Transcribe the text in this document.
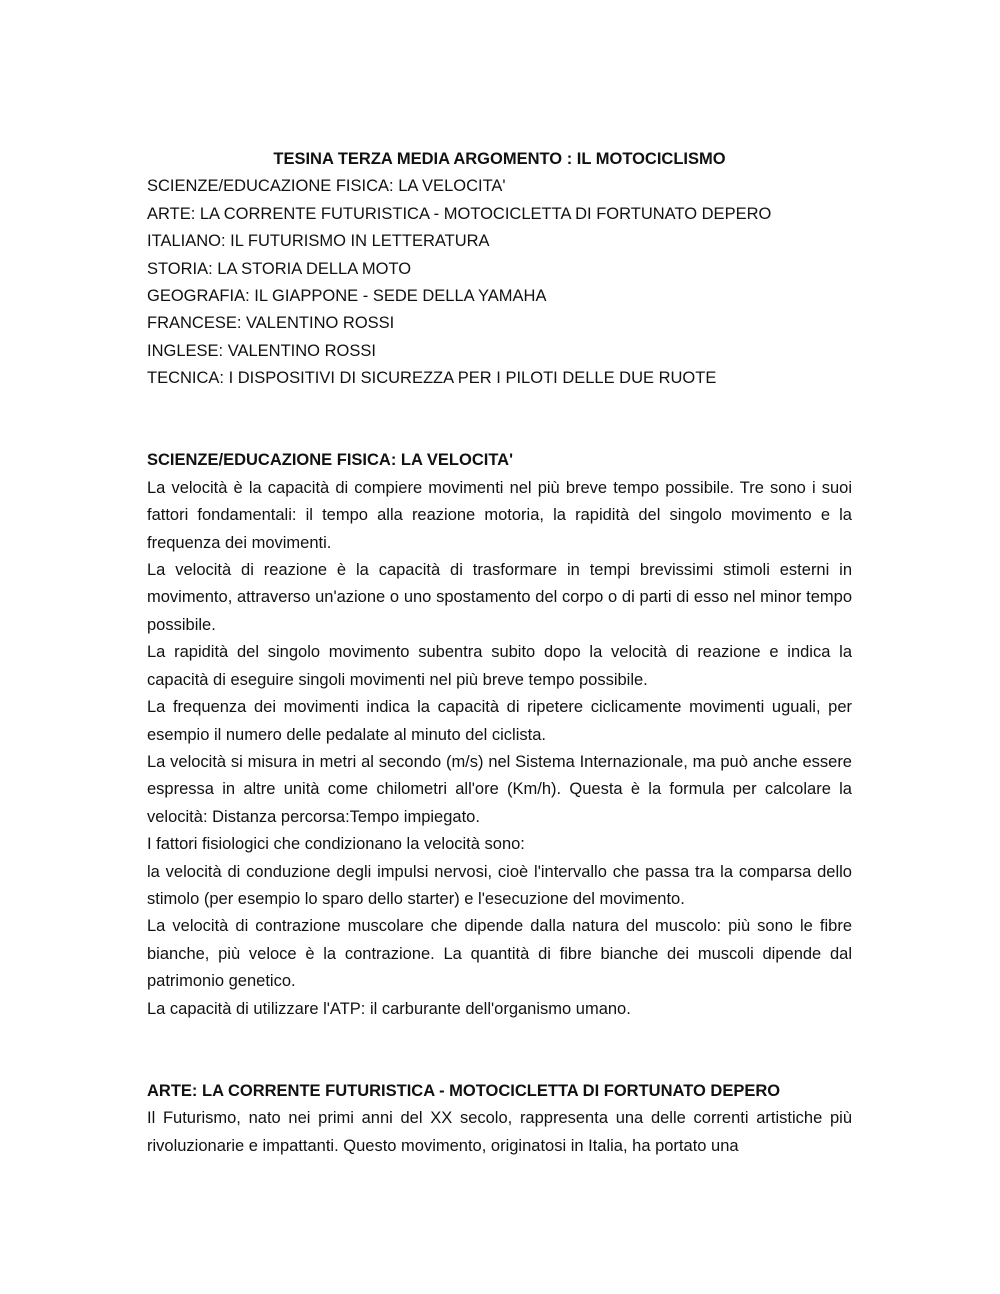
TESINA TERZA MEDIA ARGOMENTO : IL MOTOCICLISMO

SCIENZE/EDUCAZIONE FISICA: LA VELOCITA'

ARTE: LA CORRENTE FUTURISTICA - MOTOCICLETTA DI FORTUNATO DEPERO

ITALIANO: IL FUTURISMO IN LETTERATURA

STORIA: LA STORIA DELLA MOTO

GEOGRAFIA: IL GIAPPONE - SEDE DELLA YAMAHA

FRANCESE: VALENTINO ROSSI

INGLESE: VALENTINO ROSSI

TECNICA: I DISPOSITIVI DI SICUREZZA PER I PILOTI DELLE DUE RUOTE

SCIENZE/EDUCAZIONE FISICA: LA VELOCITA'

La velocità è la capacità di compiere movimenti nel più breve tempo possibile. Tre sono i suoi fattori fondamentali: il tempo alla reazione motoria, la rapidità del singolo movimento e la frequenza dei movimenti.

La velocità di reazione è la capacità di trasformare in tempi brevissimi stimoli esterni in movimento, attraverso un'azione o uno spostamento del corpo o di parti di esso nel minor tempo possibile.

La rapidità del singolo movimento subentra subito dopo la velocità di reazione e indica la capacità di eseguire singoli movimenti nel più breve tempo possibile.

La frequenza dei movimenti indica la capacità di ripetere ciclicamente movimenti uguali, per esempio il numero delle pedalate al minuto del ciclista.

La velocità si misura in metri al secondo (m/s) nel Sistema Internazionale, ma può anche essere espressa in altre unità come chilometri all'ore (Km/h). Questa è la formula per calcolare la velocità: Distanza percorsa:Tempo impiegato.

I fattori fisiologici che condizionano la velocità sono:

la velocità di conduzione degli impulsi nervosi, cioè l'intervallo che passa tra la comparsa dello stimolo (per esempio lo sparo dello starter) e l'esecuzione del movimento.

La velocità di contrazione muscolare che dipende dalla natura del muscolo: più sono le fibre bianche, più veloce è la contrazione. La quantità di fibre bianche dei muscoli dipende dal patrimonio genetico.

La capacità di utilizzare l'ATP: il carburante dell'organismo umano.

ARTE: LA CORRENTE FUTURISTICA - MOTOCICLETTA DI FORTUNATO DEPERO

Il Futurismo, nato nei primi anni del XX secolo, rappresenta una delle correnti artistiche più rivoluzionarie e impattanti. Questo movimento, originatosi in Italia, ha portato una
